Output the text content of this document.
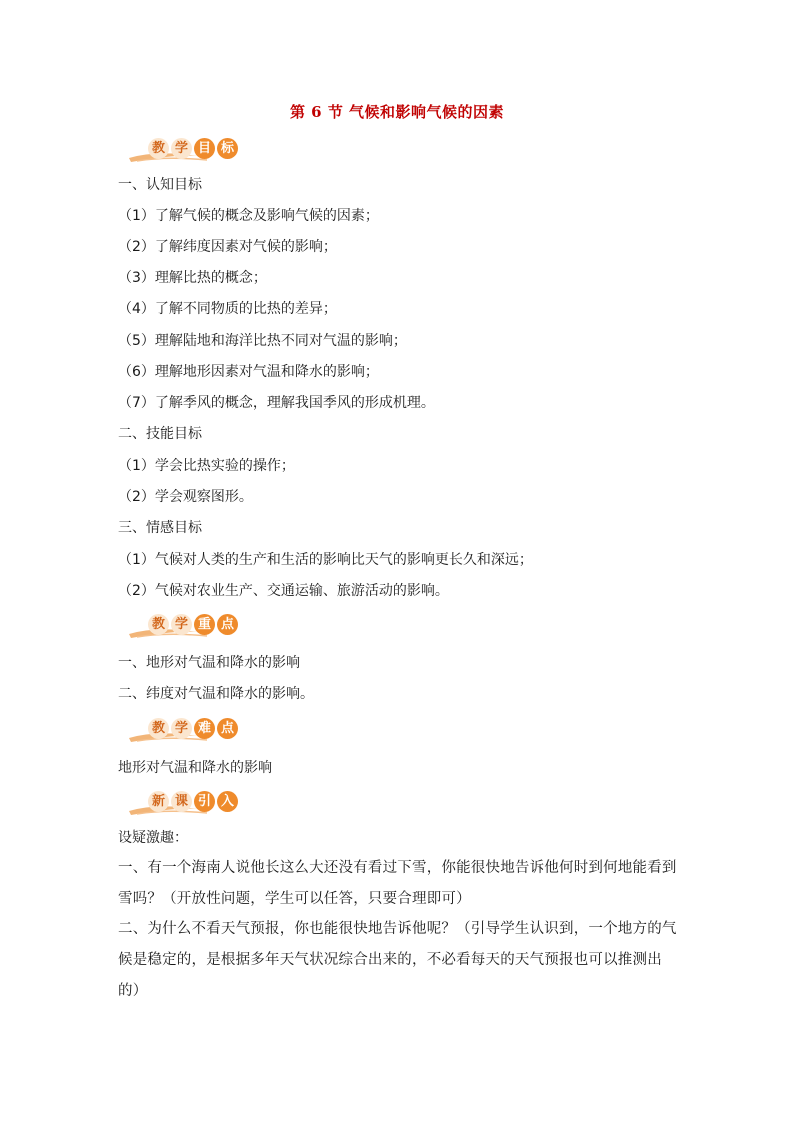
第 6 节 气候和影响气候的因素
教 学 目 标
一、认知目标
（1）了解气候的概念及影响气候的因素；
（2）了解纬度因素对气候的影响；
（3）理解比热的概念；
（4）了解不同物质的比热的差异；
（5）理解陆地和海洋比热不同对气温的影响；
（6）理解地形因素对气温和降水的影响；
（7）了解季风的概念，理解我国季风的形成机理。
二、技能目标
（1）学会比热实验的操作；
（2）学会观察图形。
三、情感目标
（1）气候对人类的生产和生活的影响比天气的影响更长久和深远；
（2）气候对农业生产、交通运输、旅游活动的影响。
教 学 重 点
一、地形对气温和降水的影响
二、纬度对气温和降水的影响。
教 学 难 点
地形对气温和降水的影响
新 课 引 入
设疑激趣：
一、有一个海南人说他长这么大还没有看过下雪，你能很快地告诉他何时到何地能看到雪吗？（开放性问题，学生可以任答，只要合理即可）
二、为什么不看天气预报，你也能很快地告诉他呢？（引导学生认识到，一个地方的气候是稳定的，是根据多年天气状况综合出来的，不必看每天的天气预报也可以推测出的）
